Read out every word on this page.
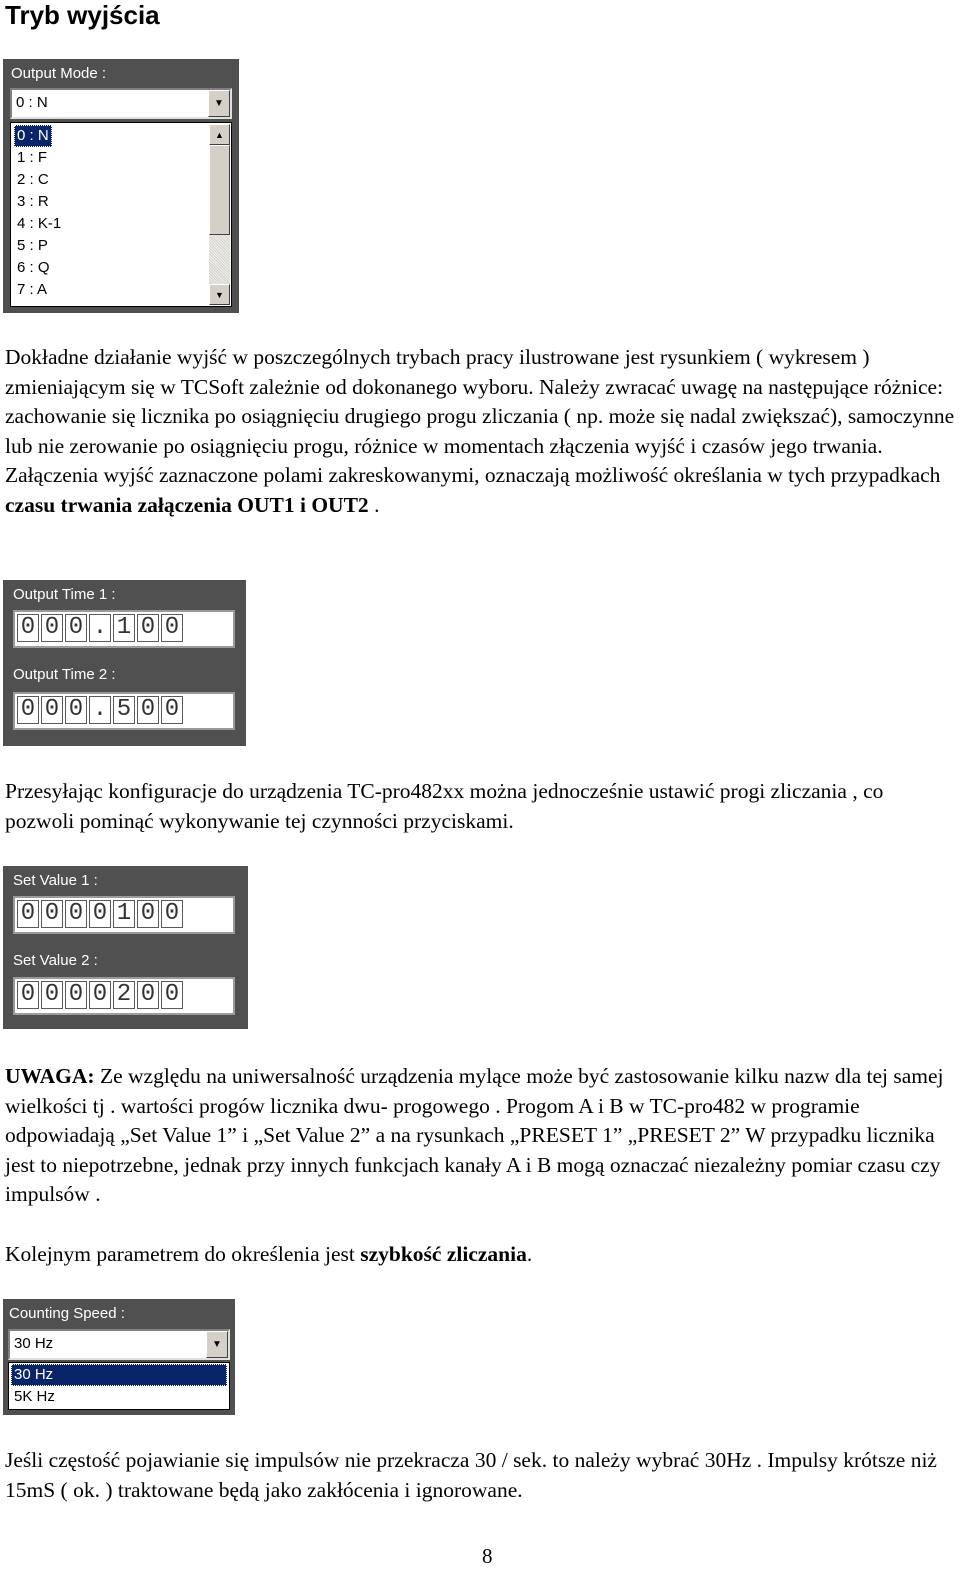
Tryb wyjścia
Output Mode :
0 : N	▼
0 : N
1 : F
2 : C
3 : R
4 : K-1
5 : P
6 : Q
7 : A
▲
▼
Dokładne działanie wyjść w poszczególnych trybach pracy ilustrowane jest rysunkiem ( wykresem ) zmieniającym się w TCSoft zależnie od dokonanego wyboru. Należy zwracać uwagę na następujące różnice: zachowanie się licznika po osiągnięciu drugiego progu zliczania ( np. może się nadal zwiększać), samoczynne lub nie zerowanie po osiągnięciu progu, różnice w momentach złączenia wyjść i czasów jego trwania. Załączenia wyjść zaznaczone polami zakreskowanymi, oznaczają możliwość określania w tych przypadkach czasu trwania załączenia OUT1 i OUT2 .
Output Time 1 :
0 0 0 . 1 0 0
Output Time 2 :
0 0 0 . 5 0 0
Przesyłając konfiguracje do urządzenia TC-pro482xx można jednocześnie ustawić progi zliczania , co pozwoli pominąć wykonywanie tej czynności przyciskami.
Set Value 1 :
0 0 0 0 1 0 0
Set Value 2 :
0 0 0 0 2 0 0
UWAGA: Ze względu na uniwersalność urządzenia mylące może być zastosowanie kilku nazw dla tej samej wielkości tj . wartości progów licznika dwu- progowego . Progom A i B w TC-pro482 w programie odpowiadają „Set Value 1” i „Set Value 2” a na rysunkach „PRESET 1” „PRESET 2” W przypadku licznika jest to niepotrzebne, jednak przy innych funkcjach kanały A i B mogą oznaczać niezależny pomiar czasu czy impulsów .
Kolejnym parametrem do określenia jest szybkość zliczania.
Counting Speed :
30 Hz	▼
30 Hz
5K Hz
Jeśli częstość pojawianie się impulsów nie przekracza 30 / sek. to należy wybrać 30Hz . Impulsy krótsze niż 15mS ( ok. ) traktowane będą jako zakłócenia i ignorowane.
8
